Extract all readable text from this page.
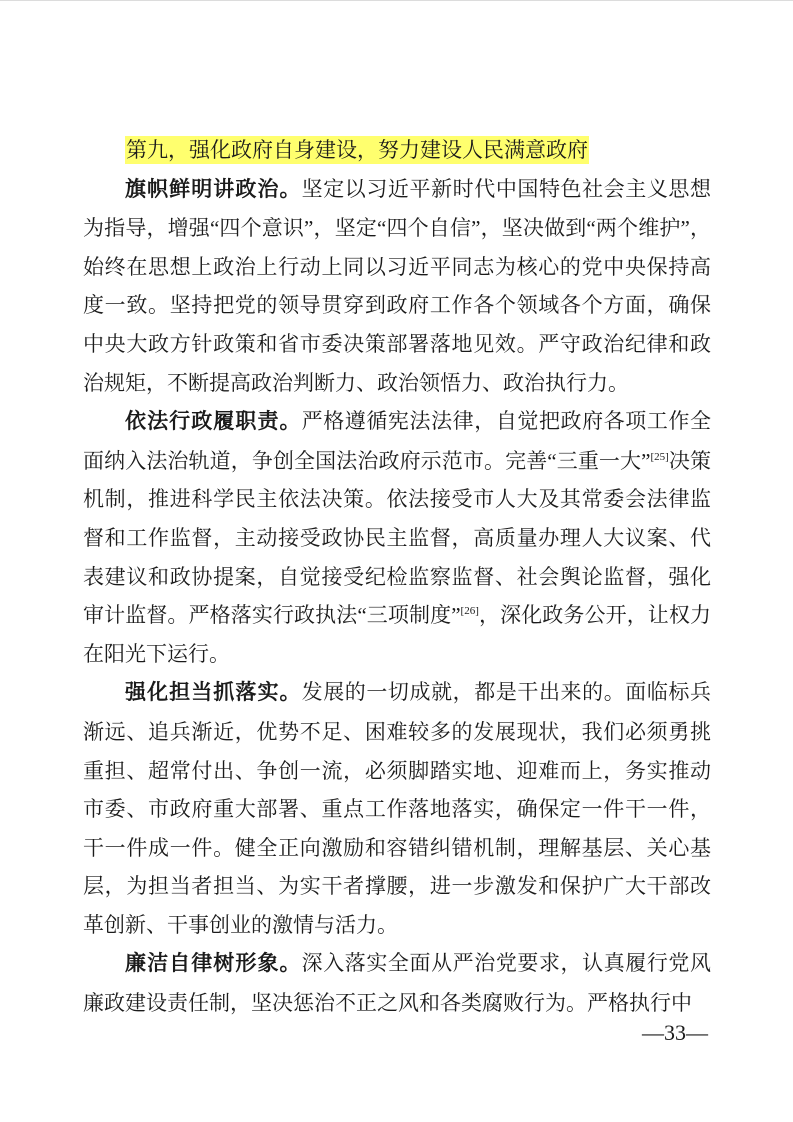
第九，强化政府自身建设，努力建设人民满意政府

旗帜鲜明讲政治。坚定以习近平新时代中国特色社会主义思想为指导，增强“四个意识”，坚定“四个自信”，坚决做到“两个维护”，始终在思想上政治上行动上同以习近平同志为核心的党中央保持高度一致。坚持把党的领导贯穿到政府工作各个领域各个方面，确保中央大政方针政策和省市委决策部署落地见效。严守政治纪律和政治规矩，不断提高政治判断力、政治领悟力、政治执行力。

依法行政履职责。严格遵循宪法法律，自觉把政府各项工作全面纳入法治轨道，争创全国法治政府示范市。完善“三重一大”[25]决策机制，推进科学民主依法决策。依法接受市人大及其常委会法律监督和工作监督，主动接受政协民主监督，高质量办理人大议案、代表建议和政协提案，自觉接受纪检监察监督、社会舆论监督，强化审计监督。严格落实行政执法“三项制度”[26]，深化政务公开，让权力在阳光下运行。

强化担当抓落实。发展的一切成就，都是干出来的。面临标兵渐远、追兵渐近，优势不足、困难较多的发展现状，我们必须勇挑重担、超常付出、争创一流，必须脚踏实地、迎难而上，务实推动市委、市政府重大部署、重点工作落地落实，确保定一件干一件，干一件成一件。健全正向激励和容错纠错机制，理解基层、关心基层，为担当者担当、为实干者撑腰，进一步激发和保护广大干部改革创新、干事创业的激情与活力。

廉洁自律树形象。深入落实全面从严治党要求，认真履行党风廉政建设责任制，坚决惩治不正之风和各类腐败行为。严格执行中

—33—
